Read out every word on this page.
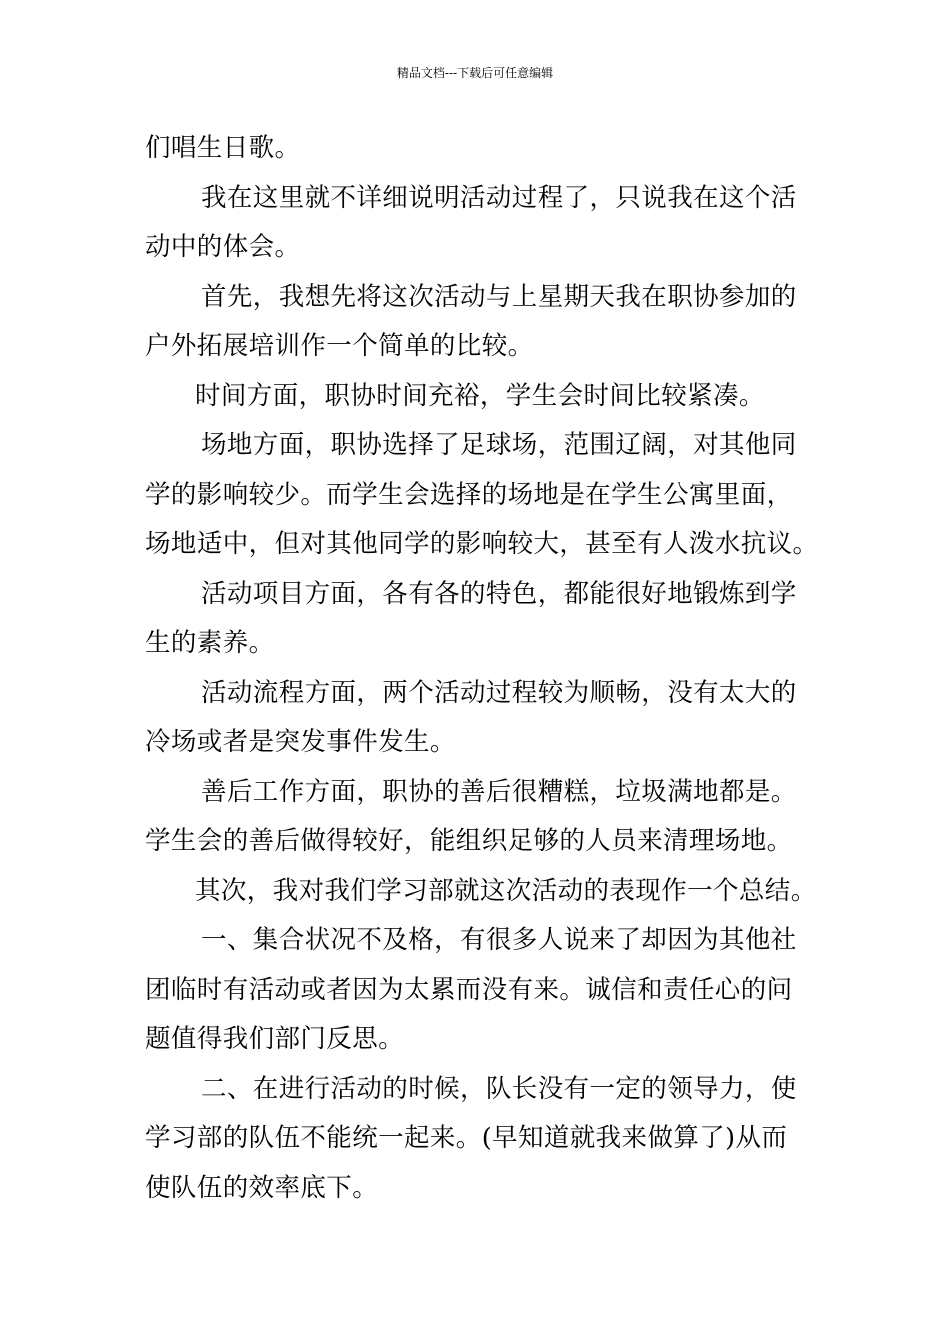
精品文档---下载后可任意编辑

们唱生日歌。

我在这里就不详细说明活动过程了，只说我在这个活
动中的体会。

首先，我想先将这次活动与上星期天我在职协参加的
户外拓展培训作一个简单的比较。

时间方面，职协时间充裕，学生会时间比较紧凑。

场地方面，职协选择了足球场，范围辽阔，对其他同
学的影响较少。而学生会选择的场地是在学生公寓里面，
场地适中，但对其他同学的影响较大，甚至有人泼水抗议。

活动项目方面，各有各的特色，都能很好地锻炼到学
生的素养。

活动流程方面，两个活动过程较为顺畅，没有太大的
冷场或者是突发事件发生。

善后工作方面，职协的善后很糟糕，垃圾满地都是。
学生会的善后做得较好，能组织足够的人员来清理场地。

其次，我对我们学习部就这次活动的表现作一个总结。

一、集合状况不及格，有很多人说来了却因为其他社
团临时有活动或者因为太累而没有来。诚信和责任心的问
题值得我们部门反思。

二、在进行活动的时候，队长没有一定的领导力，使
学习部的队伍不能统一起来。(早知道就我来做算了)从而
使队伍的效率底下。
